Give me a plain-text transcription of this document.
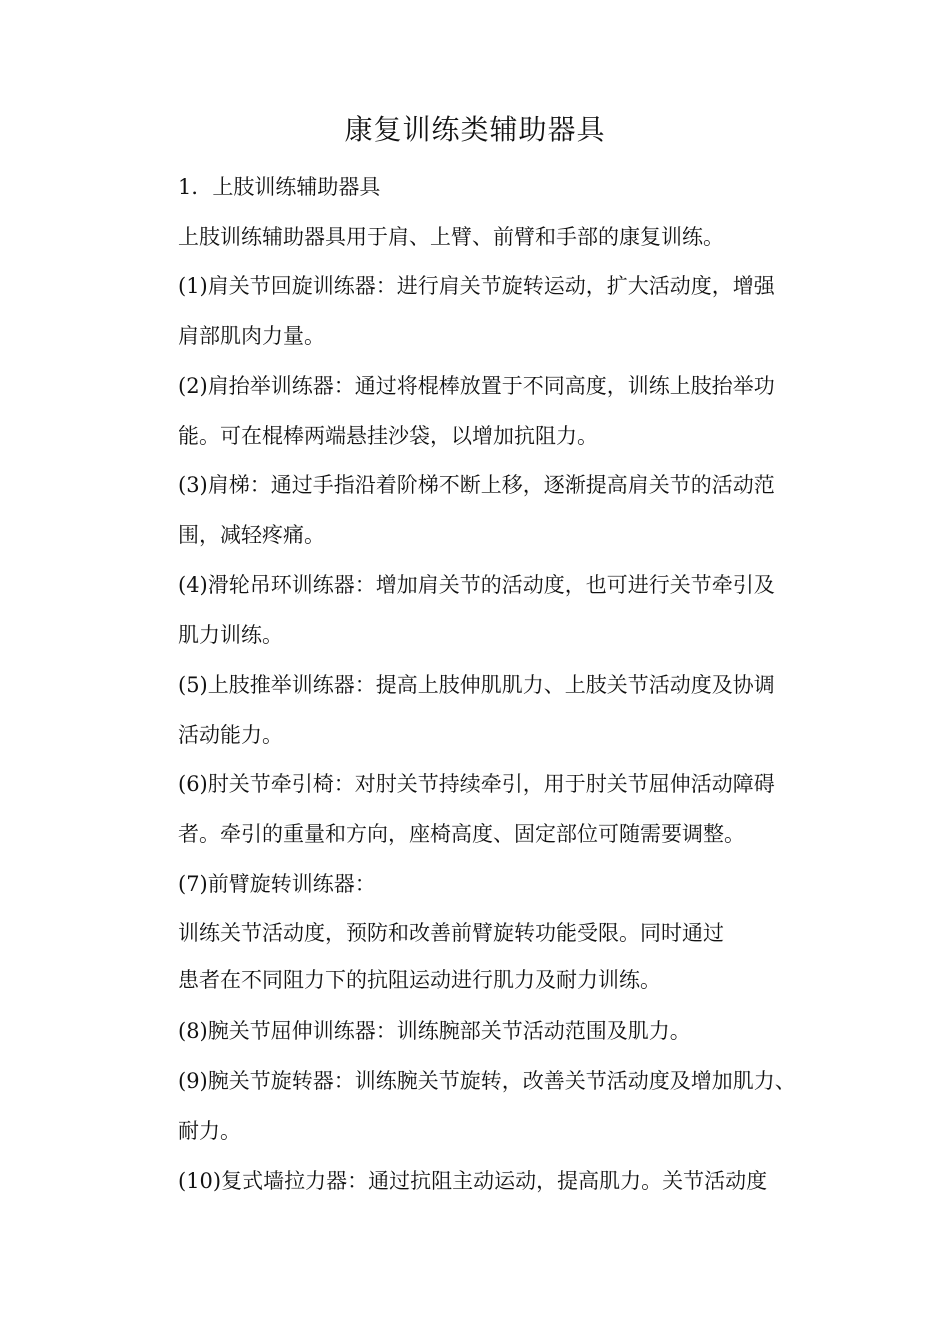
康复训练类辅助器具
1．上肢训练辅助器具
上肢训练辅助器具用于肩、上臂、前臂和手部的康复训练。
(1)肩关节回旋训练器：进行肩关节旋转运动，扩大活动度，增强
肩部肌肉力量。
(2)肩抬举训练器：通过将棍棒放置于不同高度，训练上肢抬举功
能。可在棍棒两端悬挂沙袋，以增加抗阻力。
(3)肩梯：通过手指沿着阶梯不断上移，逐渐提高肩关节的活动范
围，减轻疼痛。
(4)滑轮吊环训练器：增加肩关节的活动度，也可进行关节牵引及
肌力训练。
(5)上肢推举训练器：提高上肢伸肌肌力、上肢关节活动度及协调
活动能力。
(6)肘关节牵引椅：对肘关节持续牵引，用于肘关节屈伸活动障碍
者。牵引的重量和方向，座椅高度、固定部位可随需要调整。
(7)前臂旋转训练器：
训练关节活动度，预防和改善前臂旋转功能受限。同时通过
患者在不同阻力下的抗阻运动进行肌力及耐力训练。
(8)腕关节屈伸训练器：训练腕部关节活动范围及肌力。
(9)腕关节旋转器：训练腕关节旋转，改善关节活动度及增加肌力、
耐力。
(10)复式墙拉力器：通过抗阻主动运动，提高肌力。关节活动度
